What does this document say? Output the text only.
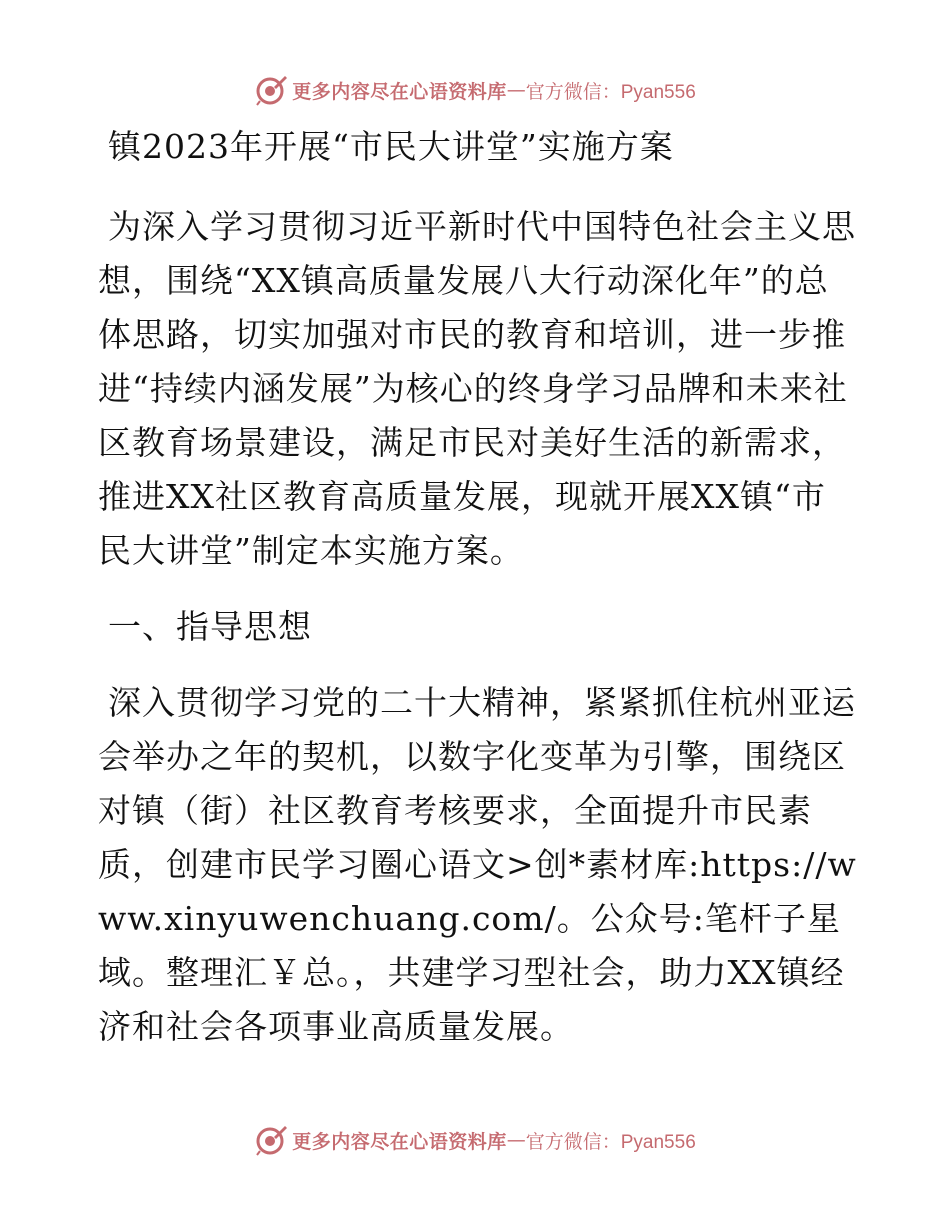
更多内容尽在心语资料库 — 官方微信：Pyan556
镇2023年开展“市民大讲堂”实施方案

为深入学习贯彻习近平新时代中国特色社会主义思想，围绕“XX镇高质量发展八大行动深化年”的总体思路，切实加强对市民的教育和培训，进一步推进“持续内涵发展”为核心的终身学习品牌和未来社区教育场景建设，满足市民对美好生活的新需求，推进XX社区教育高质量发展，现就开展XX镇“市民大讲堂”制定本实施方案。

一、指导思想

深入贯彻学习党的二十大精神，紧紧抓住杭州亚运会举办之年的契机，以数字化变革为引擎，围绕区对镇（街）社区教育考核要求，全面提升市民素质，创建市民学习圈心语文>创*素材库:https://www.xinyuwenchuang.com/。公众号:笔杆子星域。整理汇￥总。，共建学习型社会，助力XX镇经济和社会各项事业高质量发展。

更多内容尽在心语资料库 — 官方微信：Pyan556
